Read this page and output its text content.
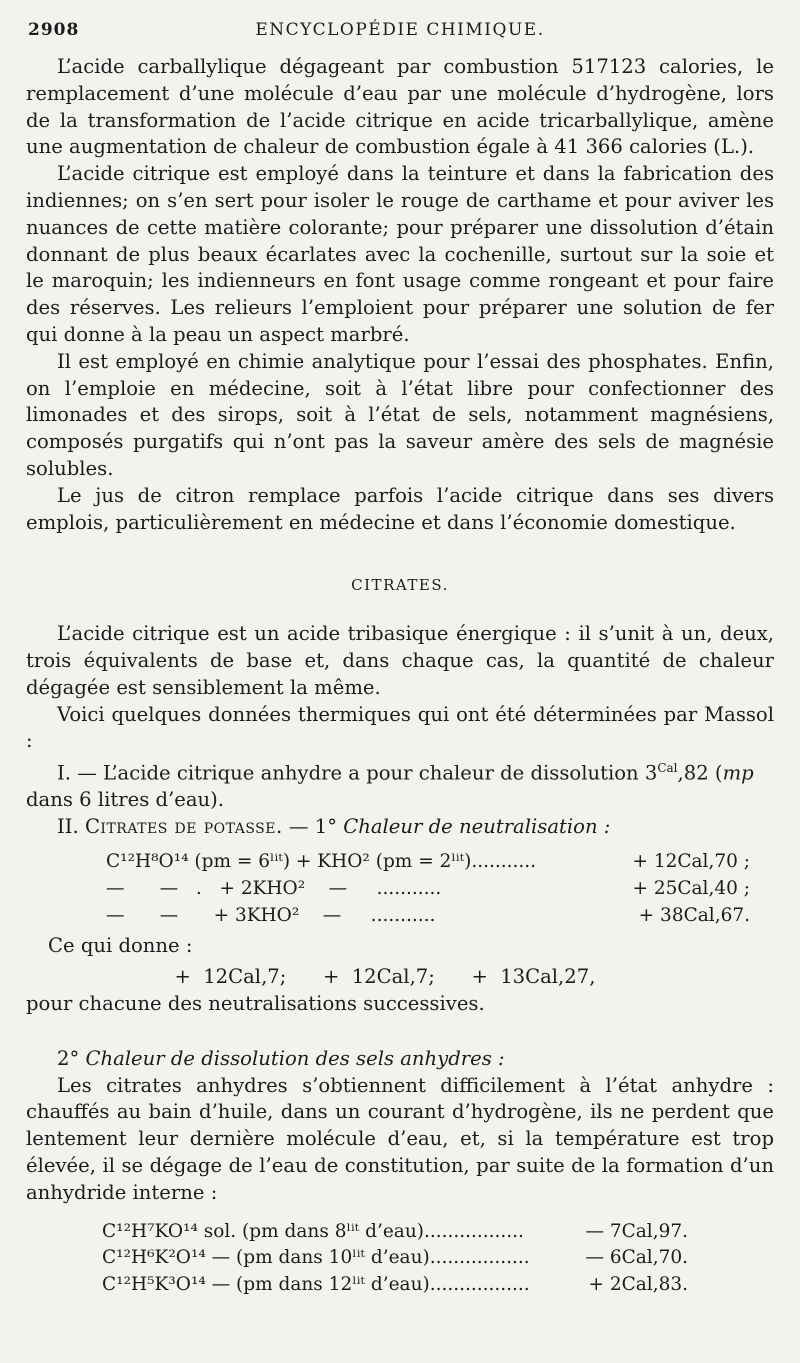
2908	ENCYCLOPÉDIE CHIMIQUE.

L’acide carballylique dégageant par combustion 517123 calories, le remplacement d’une molécule d’eau par une molécule d’hydrogène, lors de la transformation de l’acide citrique en acide tricarballylique, amène une augmentation de chaleur de combustion égale à 41 366 calories (L.).

L’acide citrique est employé dans la teinture et dans la fabrication des indiennes; on s’en sert pour isoler le rouge de carthame et pour aviver les nuances de cette matière colorante; pour préparer une dissolution d’étain donnant de plus beaux écarlates avec la cochenille, surtout sur la soie et le maroquin; les indienneurs en font usage comme rongeant et pour faire des réserves. Les relieurs l’emploient pour préparer une solution de fer qui donne à la peau un aspect marbré.

Il est employé en chimie analytique pour l’essai des phosphates. Enfin, on l’emploie en médecine, soit à l’état libre pour confectionner des limonades et des sirops, soit à l’état de sels, notamment magnésiens, composés purgatifs qui n’ont pas la saveur amère des sels de magnésie solubles.

Le jus de citron remplace parfois l’acide citrique dans ses divers emplois, particulièrement en médecine et dans l’économie domestique.

CITRATES.

L’acide citrique est un acide tribasique énergique : il s’unit à un, deux, trois équivalents de base et, dans chaque cas, la quantité de chaleur dégagée est sensiblement la même.

Voici quelques données thermiques qui ont été déterminées par Massol :

I. — L’acide citrique anhydre a pour chaleur de dissolution $3^{Cal},82$ (mp
dans 6 litres d’eau).

II. Citrates de potasse. — 1° Chaleur de neutralisation :

C¹²H⁸O¹⁴ (pm = 6ˡⁱᵗ) + KHO² (pm = 2ˡⁱᵗ)...........	+ 12Cal,70 ;
—      —   .   + 2KHO²    —     ...........	+ 25Cal,40 ;
—      —      + 3KHO²    —     ...........	+ 38Cal,67.
Ce qui donne :
+ 12Cal,7;   + 12Cal,7;   + 13Cal,27,

pour chacune des neutralisations successives.

2° Chaleur de dissolution des sels anhydres :

Les citrates anhydres s’obtiennent difficilement à l’état anhydre : chauffés au bain d’huile, dans un courant d’hydrogène, ils ne perdent que lentement leur dernière molécule d’eau, et, si la température est trop élevée, il se dégage de l’eau de constitution, par suite de la formation d’un anhydride interne :

C¹²H⁷KO¹⁴ sol. (pm dans 8ˡⁱᵗ d’eau).................	— 7Cal,97.
C¹²H⁶K²O¹⁴ — (pm dans 10ˡⁱᵗ d’eau).................	— 6Cal,70.
C¹²H⁵K³O¹⁴ — (pm dans 12ˡⁱᵗ d’eau).................	+ 2Cal,83.
